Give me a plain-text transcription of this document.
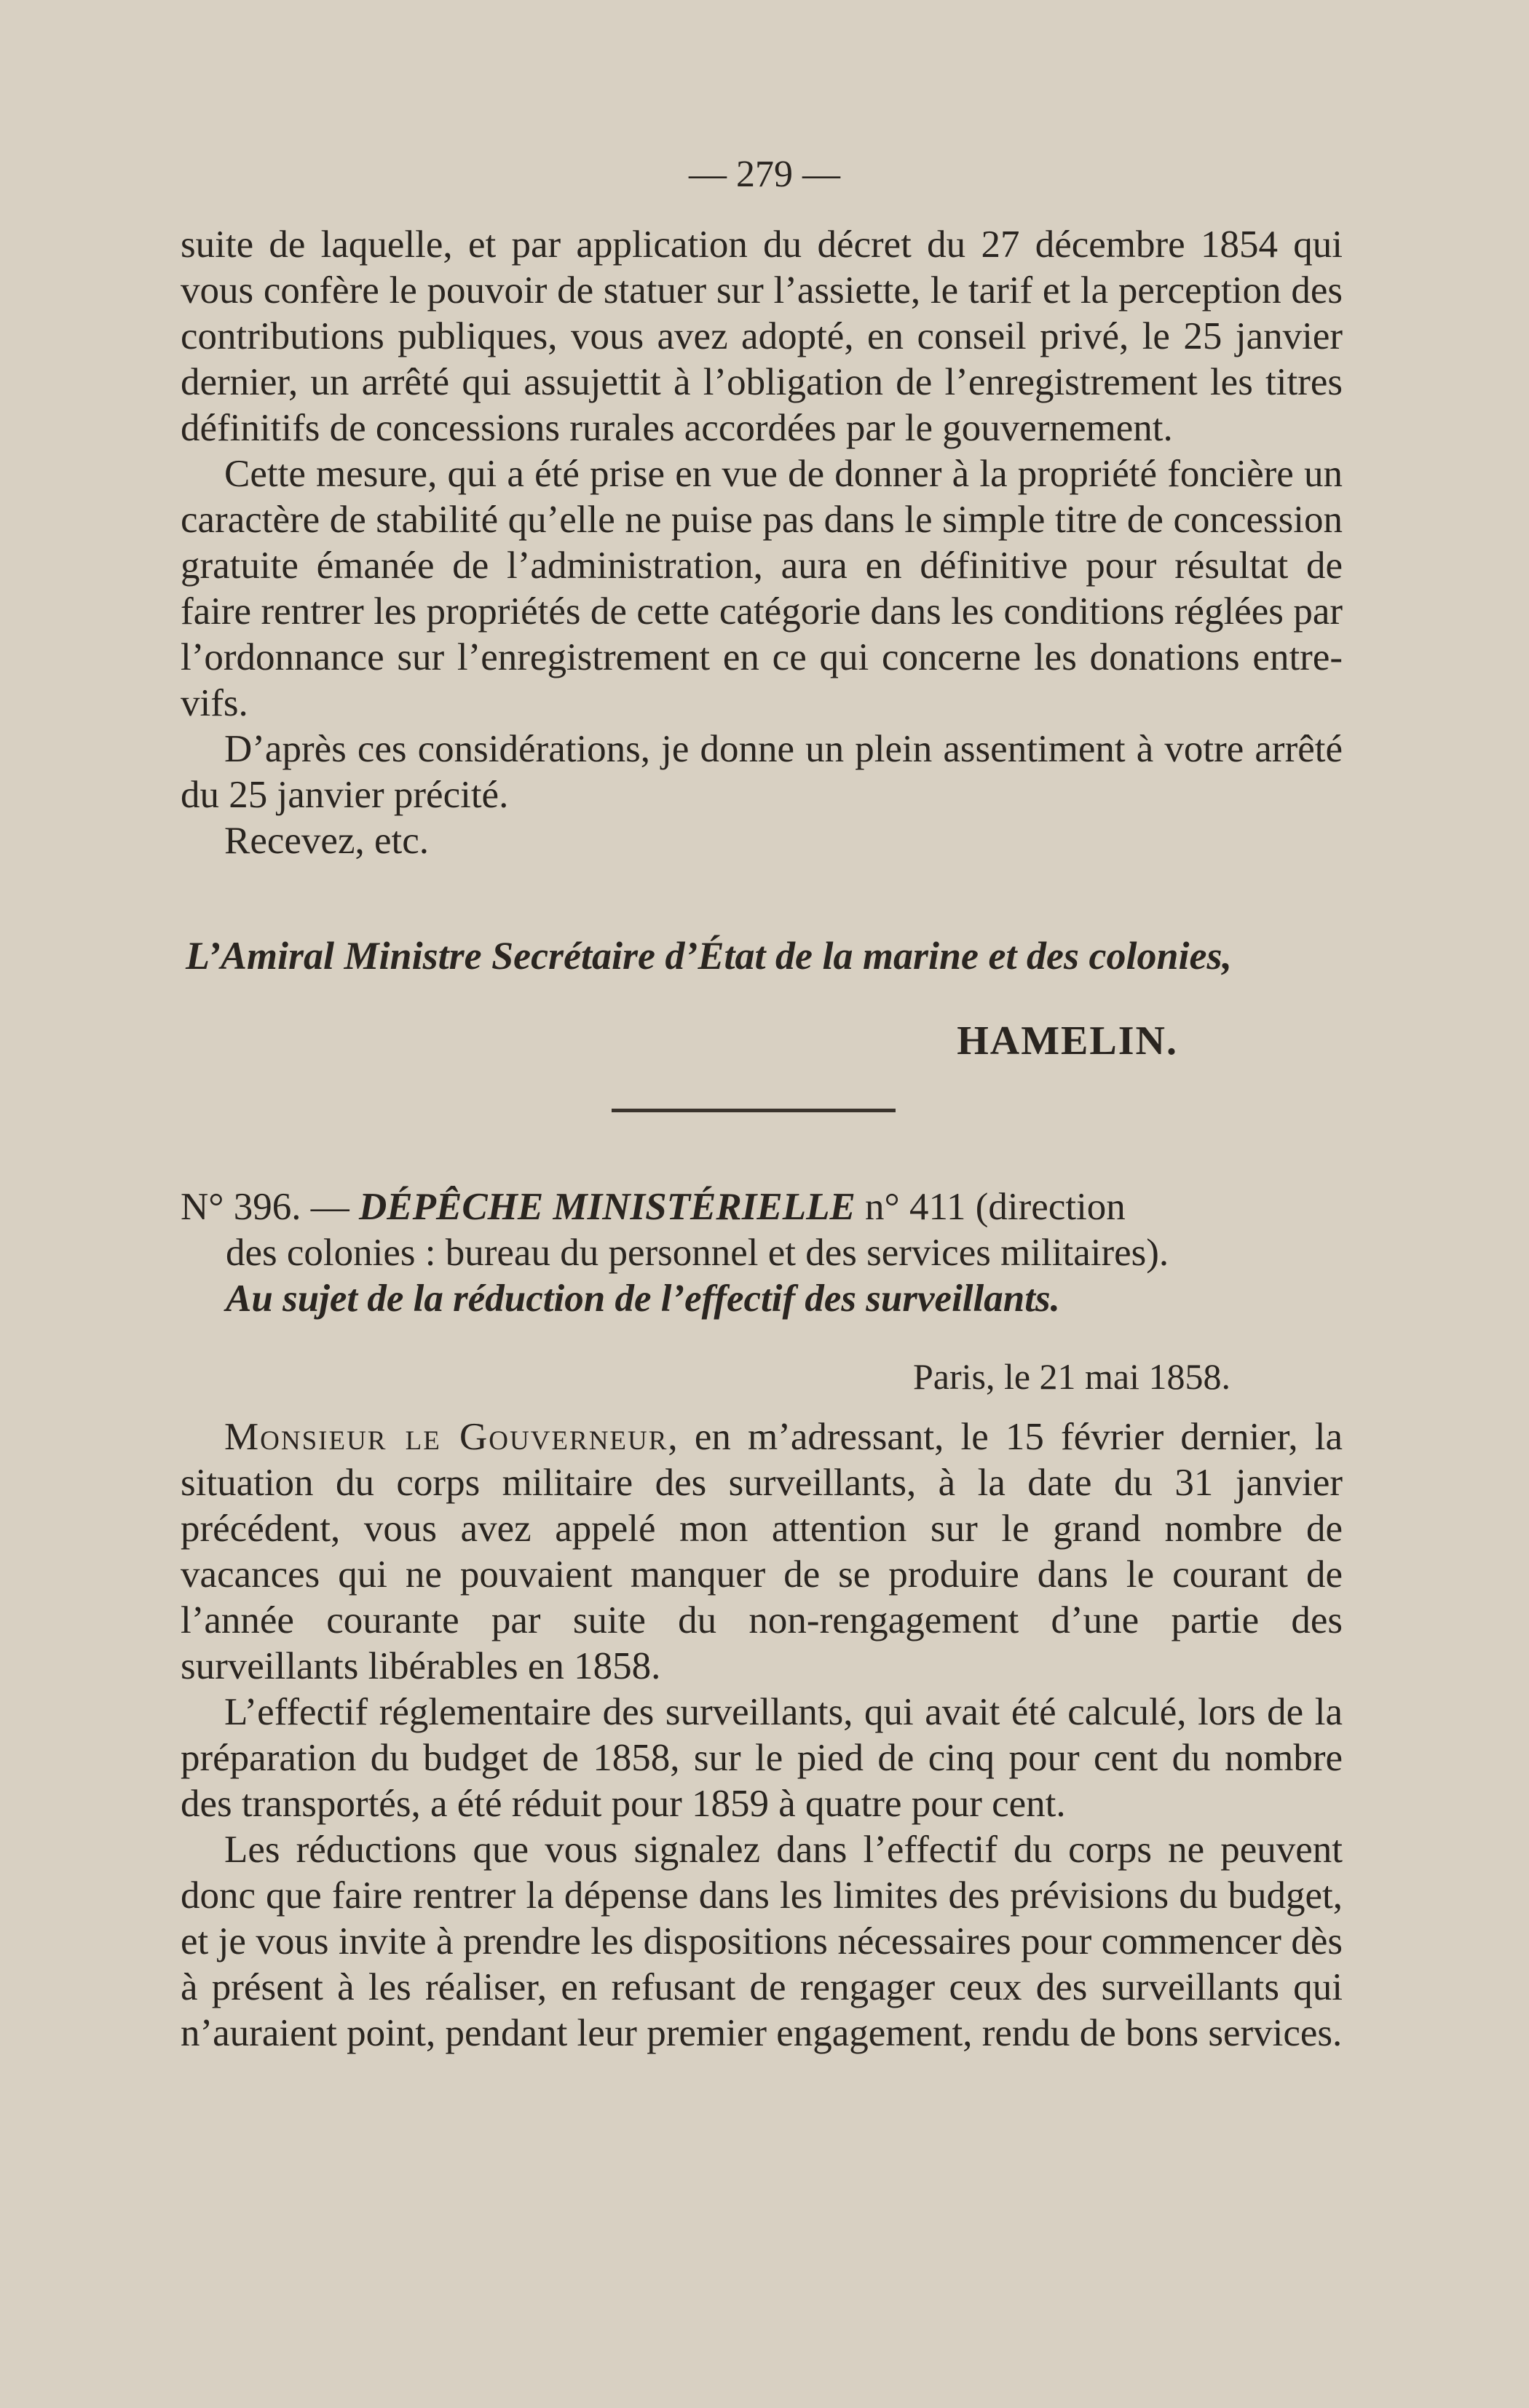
— 279 —

suite de laquelle, et par application du décret du 27 décembre 1854 qui vous confère le pouvoir de statuer sur l’assiette, le tarif et la perception des contributions publiques, vous avez adopté, en conseil privé, le 25 janvier dernier, un arrêté qui assujettit à l’obligation de l’enregistrement les titres définitifs de concessions rurales accordées par le gouvernement.

Cette mesure, qui a été prise en vue de donner à la propriété foncière un caractère de stabilité qu’elle ne puise pas dans le simple titre de concession gratuite émanée de l’administration, aura en définitive pour résultat de faire rentrer les propriétés de cette catégorie dans les conditions réglées par l’ordonnance sur l’enregistrement en ce qui concerne les donations entre-vifs.

D’après ces considérations, je donne un plein assentiment à votre arrêté du 25 janvier précité.

Recevez, etc.

L’Amiral Ministre Secrétaire d’État de la marine et des colonies,
HAMELIN.
N° 396. — DÉPÊCHE MINISTÉRIELLE n° 411 (direction
des colonies : bureau du personnel et des services militaires).
Au sujet de la réduction de l’effectif des surveillants.
Paris, le 21 mai 1858.

Monsieur le Gouverneur, en m’adressant, le 15 février dernier, la situation du corps militaire des surveillants, à la date du 31 janvier précédent, vous avez appelé mon attention sur le grand nombre de vacances qui ne pouvaient manquer de se produire dans le courant de l’année courante par suite du non-rengagement d’une partie des surveillants libérables en 1858.

L’effectif réglementaire des surveillants, qui avait été calculé, lors de la préparation du budget de 1858, sur le pied de cinq pour cent du nombre des transportés, a été réduit pour 1859 à quatre pour cent.

Les réductions que vous signalez dans l’effectif du corps ne peuvent donc que faire rentrer la dépense dans les limites des prévisions du budget, et je vous invite à prendre les dispositions nécessaires pour commencer dès à présent à les réaliser, en refusant de rengager ceux des surveillants qui n’auraient point, pendant leur premier engagement, rendu de bons services.
